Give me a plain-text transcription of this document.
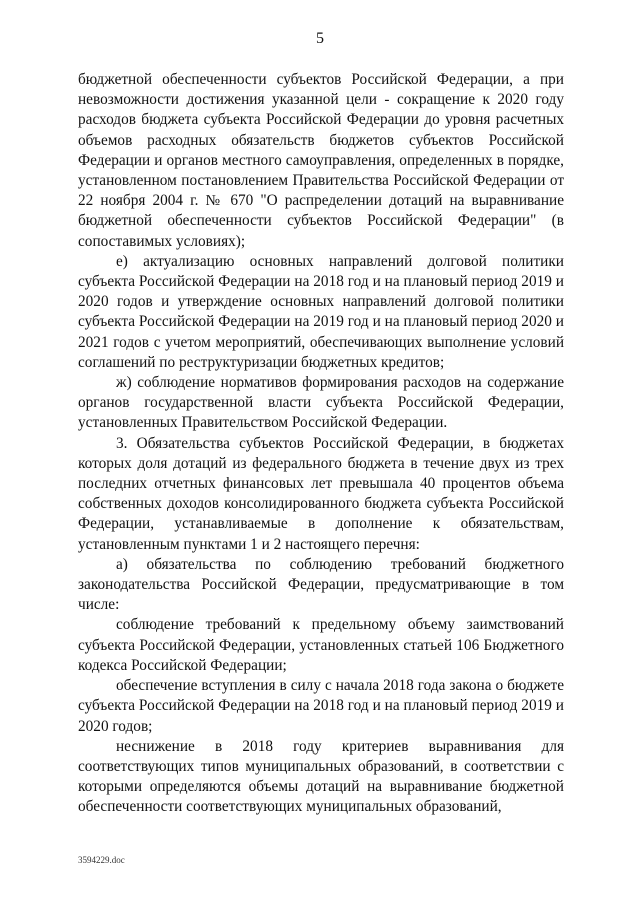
5

бюджетной обеспеченности субъектов Российской Федерации, а при невозможности достижения указанной цели - сокращение к 2020 году расходов бюджета субъекта Российской Федерации до уровня расчетных объемов расходных обязательств бюджетов субъектов Российской Федерации и органов местного самоуправления, определенных в порядке, установленном постановлением Правительства Российской Федерации от 22 ноября 2004 г. № 670 "О распределении дотаций на выравнивание бюджетной обеспеченности субъектов Российской Федерации" (в сопоставимых условиях);

е) актуализацию основных направлений долговой политики субъекта Российской Федерации на 2018 год и на плановый период 2019 и 2020 годов и утверждение основных направлений долговой политики субъекта Российской Федерации на 2019 год и на плановый период 2020 и 2021 годов с учетом мероприятий, обеспечивающих выполнение условий соглашений по реструктуризации бюджетных кредитов;

ж) соблюдение нормативов формирования расходов на содержание органов государственной власти субъекта Российской Федерации, установленных Правительством Российской Федерации.

3. Обязательства субъектов Российской Федерации, в бюджетах которых доля дотаций из федерального бюджета в течение двух из трех последних отчетных финансовых лет превышала 40 процентов объема собственных доходов консолидированного бюджета субъекта Российской Федерации, устанавливаемые в дополнение к обязательствам, установленным пунктами 1 и 2 настоящего перечня:

а) обязательства по соблюдению требований бюджетного законодательства Российской Федерации, предусматривающие в том числе:

соблюдение требований к предельному объему заимствований субъекта Российской Федерации, установленных статьей 106 Бюджетного кодекса Российской Федерации;

обеспечение вступления в силу с начала 2018 года закона о бюджете субъекта Российской Федерации на 2018 год и на плановый период 2019 и 2020 годов;

неснижение в 2018 году критериев выравнивания для соответствующих типов муниципальных образований, в соответствии с которыми определяются объемы дотаций на выравнивание бюджетной обеспеченности соответствующих муниципальных образований,

3594229.doc
